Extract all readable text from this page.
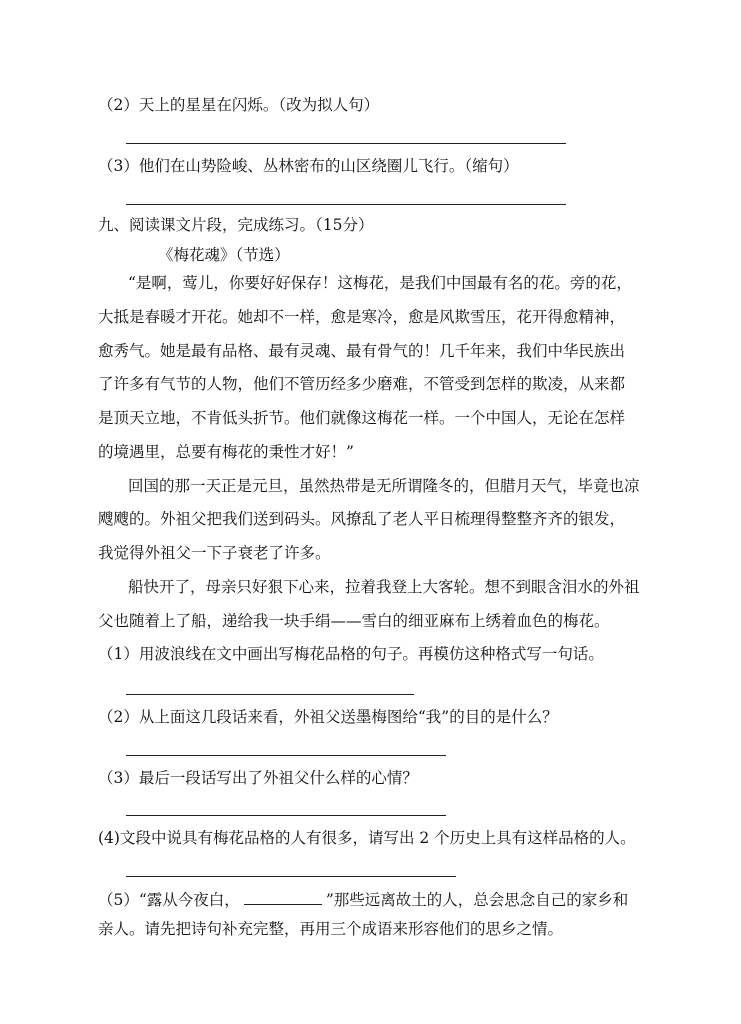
（2）天上的星星在闪烁。（改为拟人句）
（3）他们在山势险峻、丛林密布的山区绕圈儿飞行。（缩句）
九、阅读课文片段，完成练习。（15分）
《梅花魂》（节选）
“是啊，莺儿，你要好好保存！这梅花，是我们中国最有名的花。旁的花，
大抵是春暖才开花。她却不一样，愈是寒冷，愈是风欺雪压，花开得愈精神，
愈秀气。她是最有品格、最有灵魂、最有骨气的！几千年来，我们中华民族出
了许多有气节的人物，他们不管历经多少磨难，不管受到怎样的欺凌，从来都
是顶天立地，不肯低头折节。他们就像这梅花一样。一个中国人，无论在怎样
的境遇里，总要有梅花的秉性才好！”
回国的那一天正是元旦，虽然热带是无所谓隆冬的，但腊月天气，毕竟也凉
飕飕的。外祖父把我们送到码头。风撩乱了老人平日梳理得整整齐齐的银发，
我觉得外祖父一下子衰老了许多。
船快开了，母亲只好狠下心来，拉着我登上大客轮。想不到眼含泪水的外祖
父也随着上了船，递给我一块手绢——雪白的细亚麻布上绣着血色的梅花。
（1）用波浪线在文中画出写梅花品格的句子。再模仿这种格式写一句话。
（2）从上面这几段话来看，外祖父送墨梅图给“我”的目的是什么？
（3）最后一段话写出了外祖父什么样的心情？
(4)文段中说具有梅花品格的人有很多，请写出 2 个历史上具有这样品格的人。
（5）“露从今夜白，	”那些远离故土的人，总会思念自己的家乡和
亲人。请先把诗句补充完整，再用三个成语来形容他们的思乡之情。
